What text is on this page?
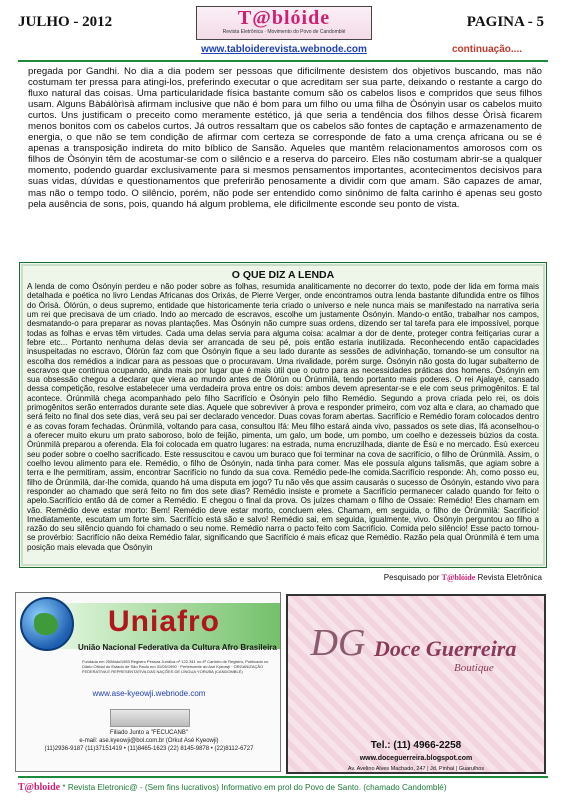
JULHO - 2012	T@blóide
Revista Eletrônica · Movimento do Povo de Candomblé
PAGINA - 5
www.tabloiderevista.webnode.com	continuação....
pregada por Gandhi. No dia a dia podem ser pessoas que dificilmente desistem dos objetivos buscando, mas não costumam ter pressa para atingi-los, preferindo executar o que acreditam ser sua parte, deixando o restante a cargo do fluxo natural das coisas. Uma particularidade física bastante comum são os cabelos lisos e compridos que seus filhos usam. Alguns Bàbálòrìsà afirmam inclusive que não é bom para um filho ou uma filha de Òsónyin usar os cabelos muito curtos. Uns justificam o preceito como meramente estético, já que seria a tendência dos filhos desse Òrìsà ficarem menos bonitos com os cabelos curtos. Já outros ressaltam que os cabelos são fontes de captação e armazenamento de energia, o que não se tem condição de afirmar com certeza se corresponde de fato a uma crença africana ou se é apenas a transposição indireta do mito bíblico de Sansão. Aqueles que mantêm relacionamentos amorosos com os filhos de Òsónyin têm de acostumar-se com o silêncio e a reserva do parceiro. Eles não costumam abrir-se a qualquer momento, podendo guardar exclusivamente para si mesmos pensamentos importantes, acontecimentos decisivos para suas vidas, dúvidas e questionamentos que preferirão penosamente a dividir com que amam. São capazes de amar, mas não o tempo todo. O silêncio, porém, não pode ser entendido como sinônimo de falta carinho é apenas seu gosto pela ausência de sons, pois, quando há algum problema, ele dificilmente esconde seu ponto de vista.
O QUE DIZ A LENDA
A lenda de como Òsónyin perdeu e não poder sobre as folhas, resumida analiticamente no decorrer do texto, pode der lida em forma mais detalhada e poética no livro Lendas Africanas dos Orixás, de Pierre Verger, onde encontramos outra lenda bastante difundida entre os filhos do Òrìsà. Ólórùn, o deus supremo, entidade que historicamente teria criado o universo e nele nunca mais se manifestado na narrativa seria um rei que precisava de um criado. Indo ao mercado de escravos, escolhe um justamente Òsónyin. Mando-o então, trabalhar nos campos, desmatando-o para preparar as novas plantações. Mas Òsónyin não cumpre suas ordens, dizendo ser tal tarefa para ele impossível, porque todas as folhas e ervas têm virtudes. Cada uma delas servia para alguma coisa: acalmar a dor de dente, proteger contra feitiçarias curar a febre etc... Portanto nenhuma delas devia ser arrancada de seu pé, pois então estaria inutilizada. Reconhecendo então capacidades insuspeitadas no escravo, Ólórùn faz com que Òsónyin fique a seu lado durante as sessões de adivinhação, tornando-se um consultor na escolha dos remédios a indicar para as pessoas que o procuravam. Uma rivalidade, porém surge. Òsónyin não gosta do lugar subalterno de escravos que continua ocupando, ainda mais por lugar que é mais útil que o outro para as necessidades práticas dos homens. Òsónyin em sua obsessão chegou a declarar que viera ao mundo antes de Ólórùn ou Òrúnmìlà, tendo portanto mais poderes. O rei Ajalayé, cansado dessa competição, resolve estabelecer uma verdadeira prova entre os dois: ambos devem apresentar-se e ele com seus primogênitos. E tal acontece. Òrúnmìlà chega acompanhado pelo filho Sacrifício e Òsónyin pelo filho Remédio. Segundo a prova criada pelo rei, os dois primogênitos serão enterrados durante sete dias. Aquele que sobreviver à prova e responder primeiro, com voz alta e clara, ao chamado que será feito no final dos sete dias, verá seu pai ser declarado vencedor. Duas covas foram abertas. Sacrifício e Remédio foram colocados dentro e as covas foram fechadas. Òrúnmìlà, voltando para casa, consultou Ifá: Meu filho estará ainda vivo, passados os sete dias, Ifá aconselhou-o a oferecer muito ekuru um prato saboroso, bolo de feijão, pimenta, um galo, um bode, um pombo, um coelho e dezesseis búzios da costa. Òrúnmìlà preparou a oferenda. Ela foi colocada em quatro lugares: na estrada, numa encruzilhada, diante de Èsù e no mercado. Èsù exerceu seu poder sobre o coelho sacrificado. Este ressuscitou e cavou um buraco que foi terminar na cova de sacrifício, o filho de Òrúnmìlà. Assim, o coelho levou alimento para ele. Remédio, o filho de Òsónyin, nada tinha para comer. Mas ele possuía alguns talismãs, que agiam sobre a terra e lhe permitiram, assim, encontrar Sacrifício no fundo da sua cova. Remédio pede-lhe comida.Sacrifício responde: Ah, como posso eu, filho de Òrúnmìlà, dar-lhe comida, quando há uma disputa em jogo? Tu não vês que assim causarás o sucesso de Òsónyin, estando vivo para responder ao chamado que será feito no fim dos sete dias? Remédio insiste e promete a Sacrifício permanecer calado quando for feito o apelo.Sacrifício então dá de comer a Remédio. E chegou o final da prova. Os juízes chamam o filho de Ossaie: Remédio! Eles chamam em vão. Remédio deve estar morto: Bem! Remédio deve estar morto, concluem eles. Chamam, em seguida, o filho de Òrúnmìlà: Sacrifício! Imediatamente, escutam um forte sim. Sacrifício está são e salvo! Remédio sai, em seguida, igualmente, vivo. Òsónyin perguntou ao filho a razão do seu silêncio quando foi chamado o seu nome. Remédio narra o pacto feito com Sacrifício. Comida pelo silêncio! Esse pacto tornou-se provérbio: Sacrifício não deixa Remédio falar, significando que Sacrifício é mais eficaz que Remédio. Razão pela qual Òrúnmìlà é tem uma posição mais elevada que Òsónyin
Pesquisado por T@blóide Revista Eletrônica
Uniafro
União Nacional Federativa da Cultura Afro Brasileira
Fundada em 25/Maio/1983 Registro Pessoa Jurídica nº 122.341 no 4º Cartório de Registro, Publicado no Diário Oficial do Estado de São Paulo em 31/05/1990 · Pertencente ao Asé Kyeowji · ORGANIZAÇÃO FEDERATIVA E REPRESENTATIVA DAS NAÇÕES DE LÍNGUA YORUBA (CANDOMBLÉ)
www.ase-kyeowji.webnode.com
Filiado Junto a "FECUCANB"
e-mail: ase.kyeowji@bol.com.br (Orkut Asé Kyeowji)
(11)2936-9187 (11)37151419 • (11)8465-1623 (22) 8145-9878 • (22)8112-6727
DG Doce Guerreira
Boutique
Tel.: (11) 4966-2258
www.doceguerreira.blogspot.com
Av. Avelino Alves Machado, 247 | Jd. Pinhal | Guarulhos
T@bloide * Revista Eletronic@ - (Sem fins lucrativos) Informativo em prol do Povo de Santo. (chamado Candomblé)
